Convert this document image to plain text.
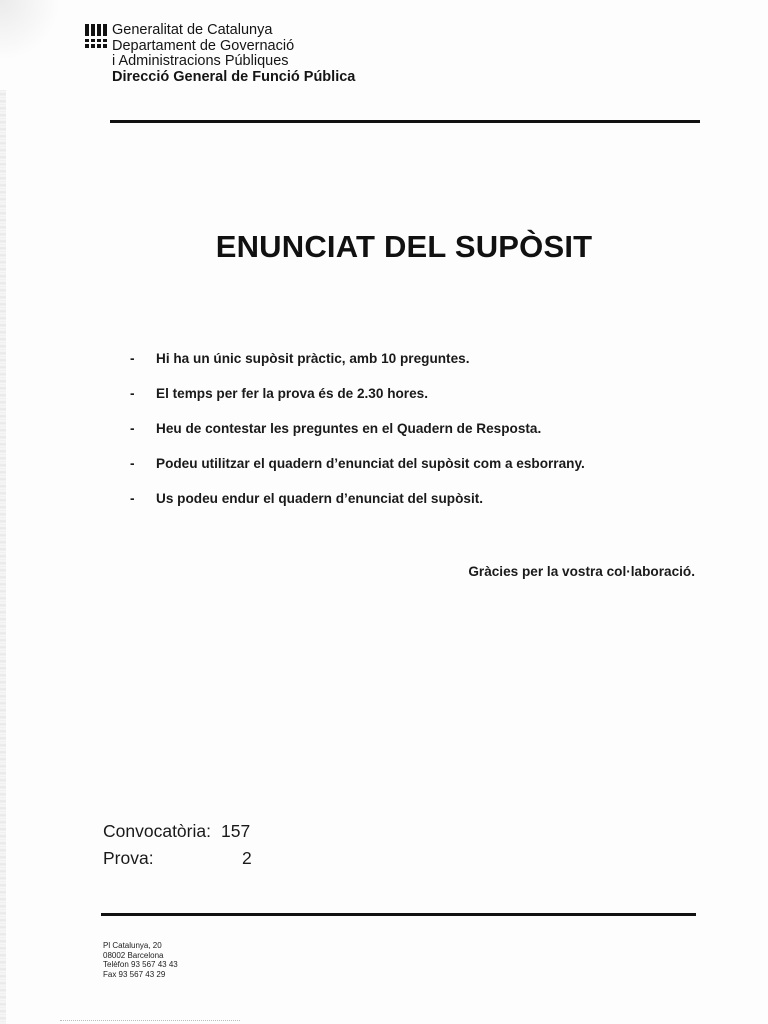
Generalitat de Catalunya
Departament de Governació
i Administracions Públiques
Direcció General de Funció Pública
ENUNCIAT DEL SUPÒSIT
- Hi ha un únic supòsit pràctic, amb 10 preguntes.
- El temps per fer la prova és de 2.30 hores.
- Heu de contestar les preguntes en el Quadern de Resposta.
- Podeu utilitzar el quadern d’enunciat del supòsit com a esborrany.
- Us podeu endur el quadern d’enunciat del supòsit.
Gràcies per la vostra col·laboració.
Convocatòria: 157
Prova:	2
Pl Catalunya, 20
08002 Barcelona
Telèfon 93 567 43 43
Fax 93 567 43 29
